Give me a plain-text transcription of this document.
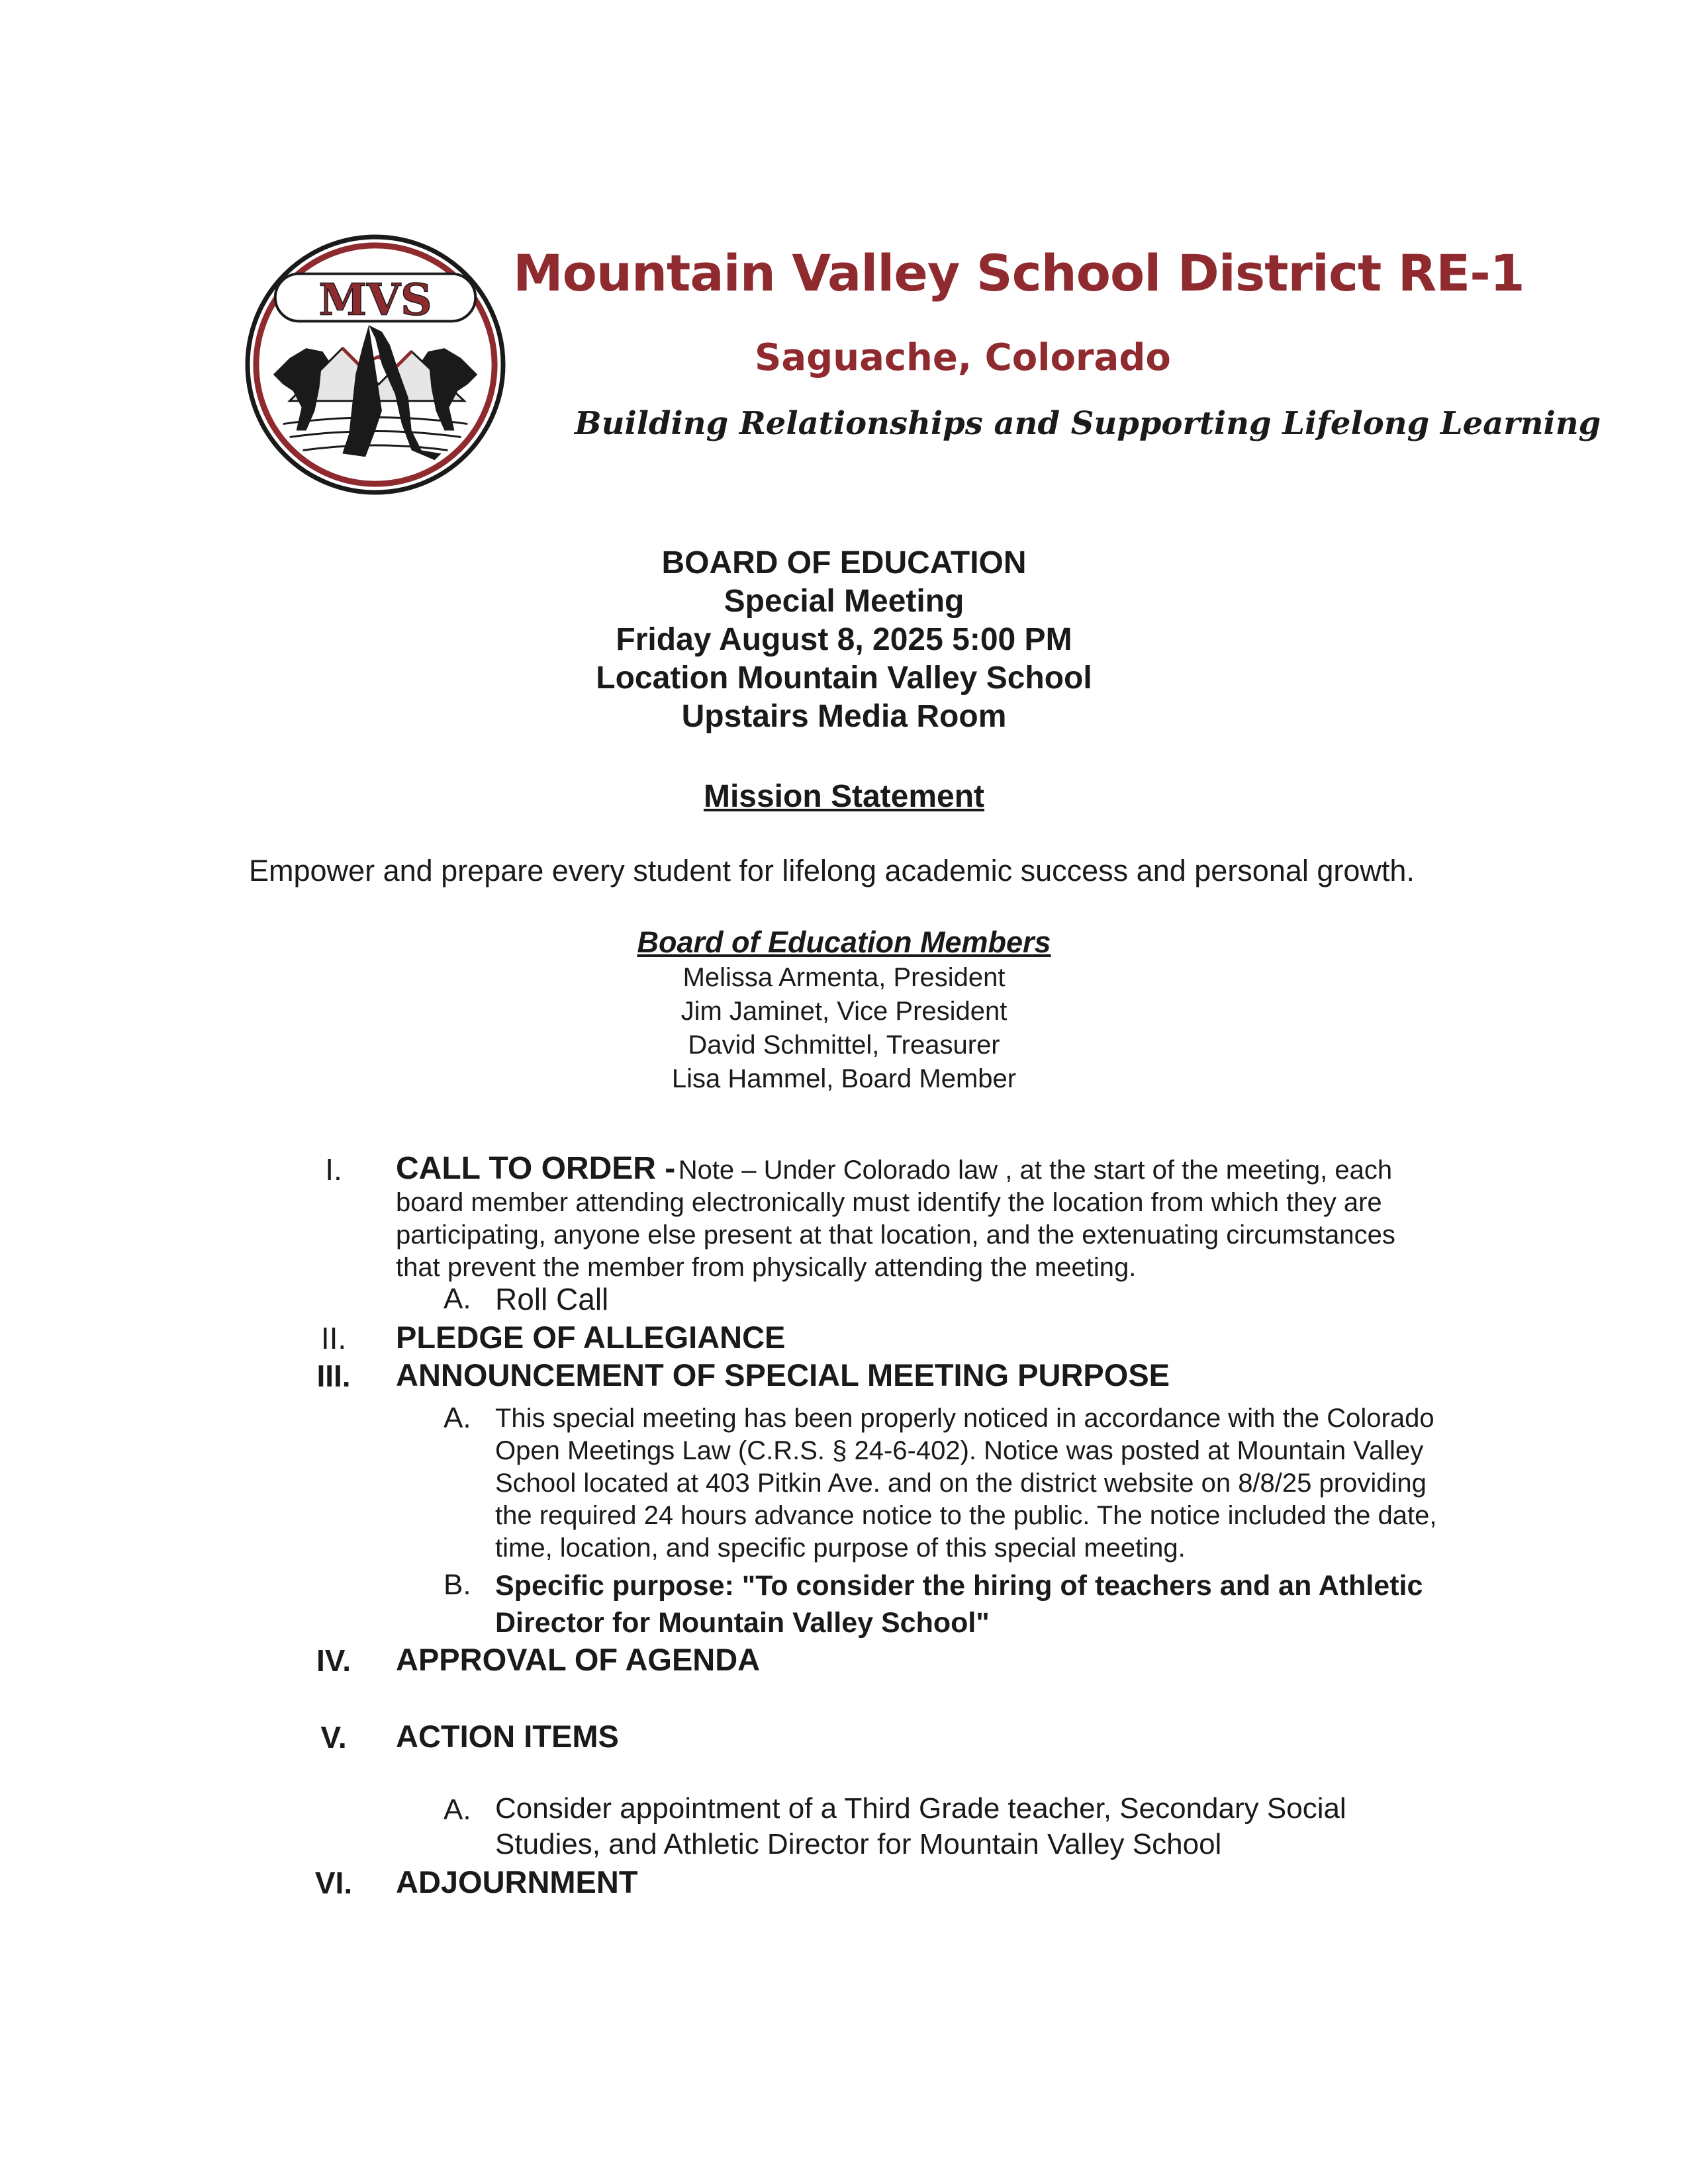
MVS Mountain Valley School District RE-1
Saguache, Colorado
Building Relationships and Supporting Lifelong Learning
BOARD OF EDUCATION
Special Meeting
Friday August 8, 2025 5:00 PM
Location Mountain Valley School
Upstairs Media Room
Mission Statement
Empower and prepare every student for lifelong academic success and personal growth.
Board of Education Members
Melissa Armenta, President
Jim Jaminet, Vice President
David Schmittel, Treasurer
Lisa Hammel, Board Member
I.	CALL TO ORDER - Note – Under Colorado law , at the start of the meeting, each
board member attending electronically must identify the location from which they are
participating, anyone else present at that location, and the extenuating circumstances
that prevent the member from physically attending the meeting.
A. Roll Call
II.	PLEDGE OF ALLEGIANCE
III.	ANNOUNCEMENT OF SPECIAL MEETING PURPOSE
A. This special meeting has been properly noticed in accordance with the Colorado
Open Meetings Law (C.R.S. § 24-6-402). Notice was posted at Mountain Valley
School located at 403 Pitkin Ave. and on the district website on 8/8/25 providing
the required 24 hours advance notice to the public. The notice included the date,
time, location, and specific purpose of this special meeting.
B. Specific purpose: "To consider the hiring of teachers and an Athletic
Director for Mountain Valley School"
IV.	APPROVAL OF AGENDA
V.	ACTION ITEMS
A. Consider appointment of a Third Grade teacher, Secondary Social
Studies, and Athletic Director for Mountain Valley School
VI.	ADJOURNMENT
